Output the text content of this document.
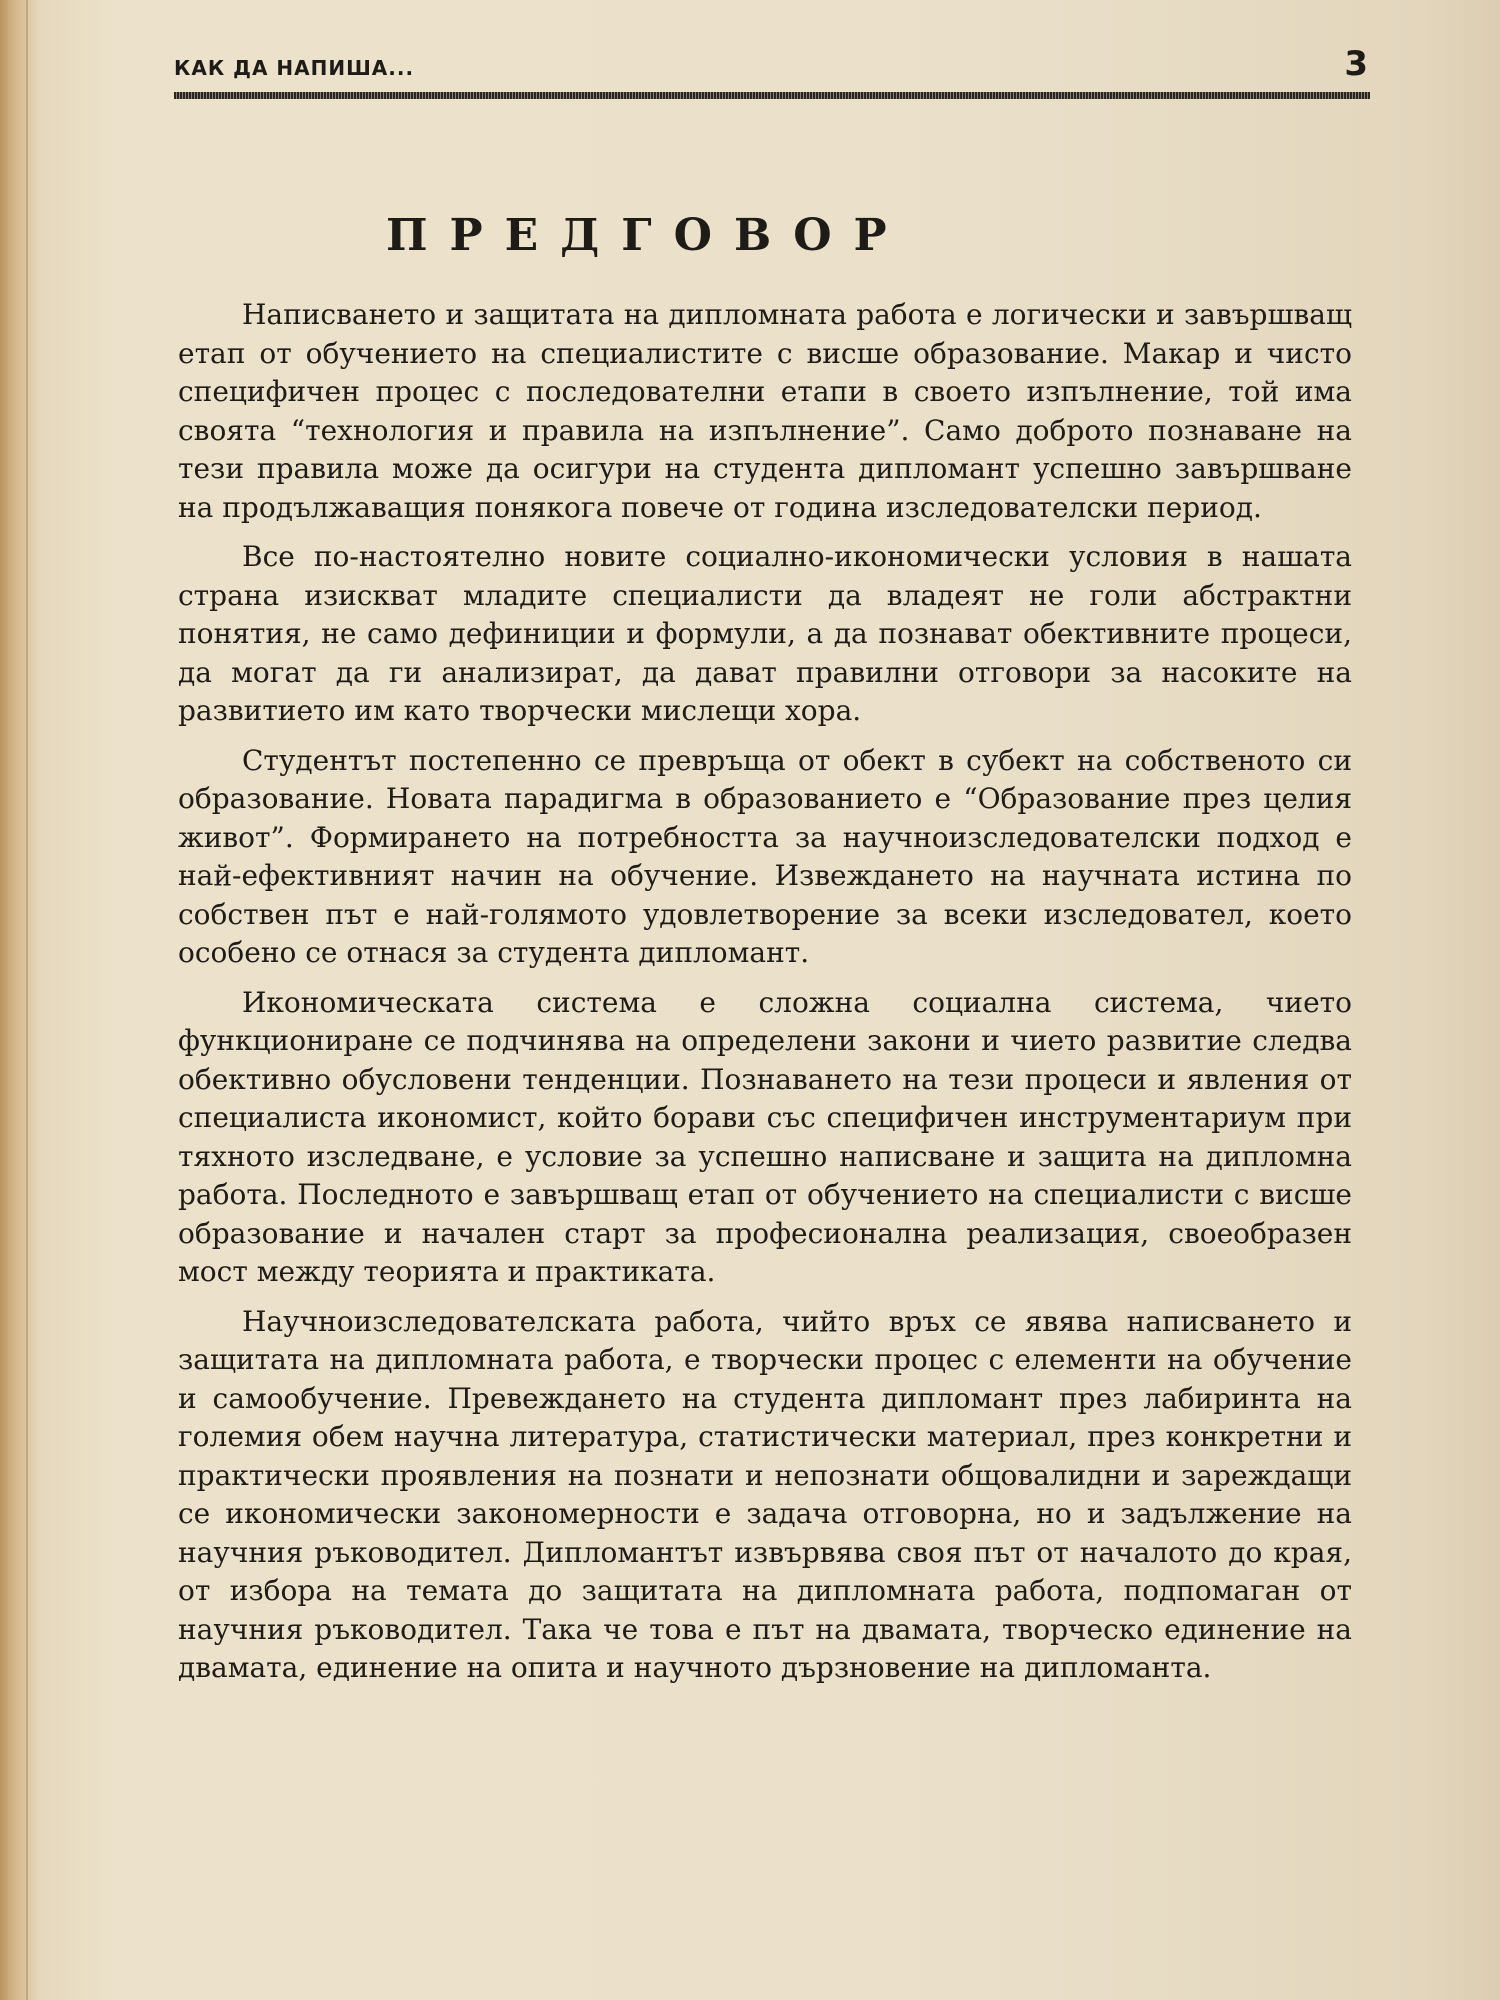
КАК ДА НАПИША...	3
ПРЕДГОВОР

Написването и защитата на дипломната работа е логически и завършващ етап от обучението на специалистите с висше образование. Макар и чисто специфичен процес с последователни етапи в своето изпълнение, той има своята “технология и правила на изпълнение”. Само доброто познаване на тези правила може да осигури на студента дипломант успешно завършване на продължаващия понякога повече от година изследователски период.

Все по-настоятелно новите социално-икономически условия в нашата страна изискват младите специалисти да владеят не голи абстрактни понятия, не само дефиниции и формули, а да познават обективните процеси, да могат да ги анализират, да дават правилни отговори за насоките на развитието им като творчески мислещи хора.

Студентът постепенно се превръща от обект в субект на собственото си образование. Новата парадигма в образованието е “Образование през целия живот”. Формирането на потребността за научноизследователски подход е най-ефективният начин на обучение. Извеждането на научната истина по собствен път е най-голямото удовлетворение за всеки изследовател, което особено се отнася за студента дипломант.

Икономическата система е сложна социална система, чието функциониране се подчинява на определени закони и чието развитие следва обективно обусловени тенденции. Познаването на тези процеси и явления от специалиста икономист, който борави със специфичен инструментариум при тяхното изследване, е условие за успешно написване и защита на дипломна работа. Последното е завършващ етап от обучението на специалисти с висше образование и начален старт за професионална реализация, своеобразен мост между теорията и практиката.

Научноизследователската работа, чийто връх се явява написването и защитата на дипломната работа, е творчески процес с елементи на обучение и самообучение. Превеждането на студента дипломант през лабиринта на големия обем научна литература, статистически материал, през конкретни и практически проявления на познати и непознати общовалидни и зареждащи се икономически закономерности е задача отговорна, но и задължение на научния ръководител. Дипломантът извървява своя път от началото до края, от избора на темата до защитата на дипломната работа, подпомаган от научния ръководител. Така че това е път на двамата, творческо единение на двамата, единение на опита и научното дързновение на дипломанта.
